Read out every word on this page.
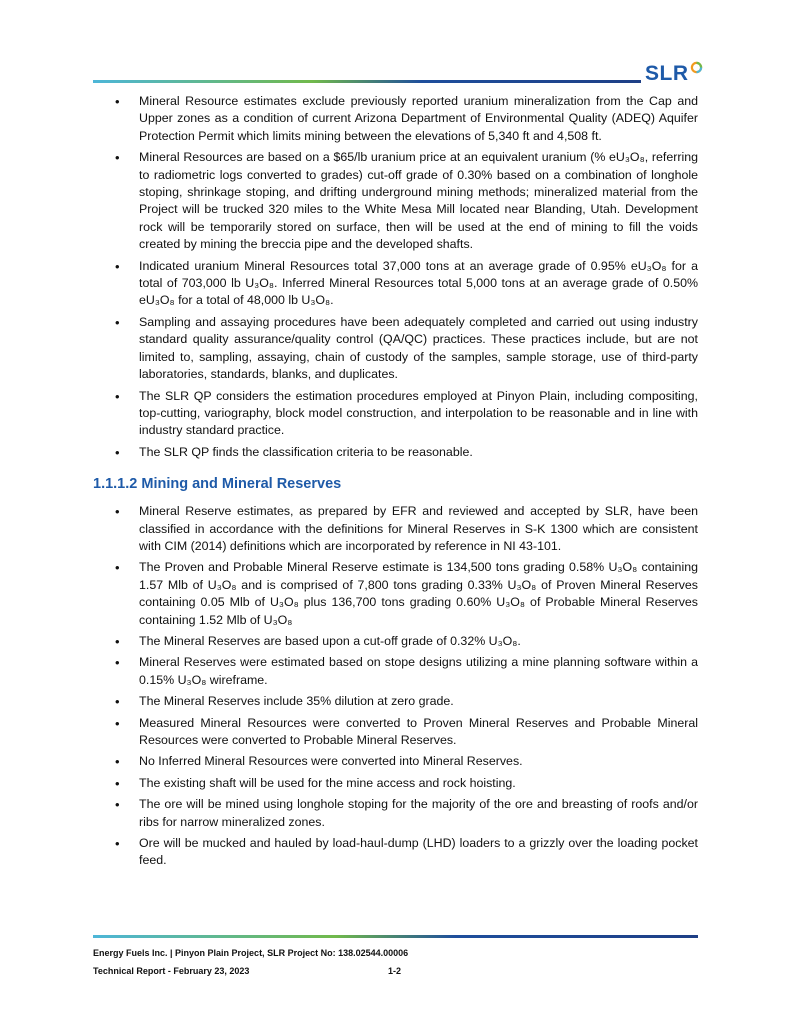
SLR
• Mineral Resource estimates exclude previously reported uranium mineralization from the Cap and Upper zones as a condition of current Arizona Department of Environmental Quality (ADEQ) Aquifer Protection Permit which limits mining between the elevations of 5,340 ft and 4,508 ft.
• Mineral Resources are based on a $65/lb uranium price at an equivalent uranium (% eU₃O₈, referring to radiometric logs converted to grades) cut-off grade of 0.30% based on a combination of longhole stoping, shrinkage stoping, and drifting underground mining methods; mineralized material from the Project will be trucked 320 miles to the White Mesa Mill located near Blanding, Utah. Development rock will be temporarily stored on surface, then will be used at the end of mining to fill the voids created by mining the breccia pipe and the developed shafts.
• Indicated uranium Mineral Resources total 37,000 tons at an average grade of 0.95% eU₃O₈ for a total of 703,000 lb U₃O₈. Inferred Mineral Resources total 5,000 tons at an average grade of 0.50% eU₃O₈ for a total of 48,000 lb U₃O₈.
• Sampling and assaying procedures have been adequately completed and carried out using industry standard quality assurance/quality control (QA/QC) practices. These practices include, but are not limited to, sampling, assaying, chain of custody of the samples, sample storage, use of third-party laboratories, standards, blanks, and duplicates.
• The SLR QP considers the estimation procedures employed at Pinyon Plain, including compositing, top-cutting, variography, block model construction, and interpolation to be reasonable and in line with industry standard practice.
• The SLR QP finds the classification criteria to be reasonable.
1.1.1.2 Mining and Mineral Reserves
• Mineral Reserve estimates, as prepared by EFR and reviewed and accepted by SLR, have been classified in accordance with the definitions for Mineral Reserves in S-K 1300 which are consistent with CIM (2014) definitions which are incorporated by reference in NI 43-101.
• The Proven and Probable Mineral Reserve estimate is 134,500 tons grading 0.58% U₃O₈ containing 1.57 Mlb of U₃O₈ and is comprised of 7,800 tons grading 0.33% U₃O₈ of Proven Mineral Reserves containing 0.05 Mlb of U₃O₈ plus 136,700 tons grading 0.60% U₃O₈ of Probable Mineral Reserves containing 1.52 Mlb of U₃O₈
• The Mineral Reserves are based upon a cut-off grade of 0.32% U₃O₈.
• Mineral Reserves were estimated based on stope designs utilizing a mine planning software within a 0.15% U₃O₈ wireframe.
• The Mineral Reserves include 35% dilution at zero grade.
• Measured Mineral Resources were converted to Proven Mineral Reserves and Probable Mineral Resources were converted to Probable Mineral Reserves.
• No Inferred Mineral Resources were converted into Mineral Reserves.
• The existing shaft will be used for the mine access and rock hoisting.
• The ore will be mined using longhole stoping for the majority of the ore and breasting of roofs and/or ribs for narrow mineralized zones.
• Ore will be mucked and hauled by load-haul-dump (LHD) loaders to a grizzly over the loading pocket feed.
Energy Fuels Inc. | Pinyon Plain Project, SLR Project No: 138.02544.00006
Technical Report - February 23, 2023	1-2
